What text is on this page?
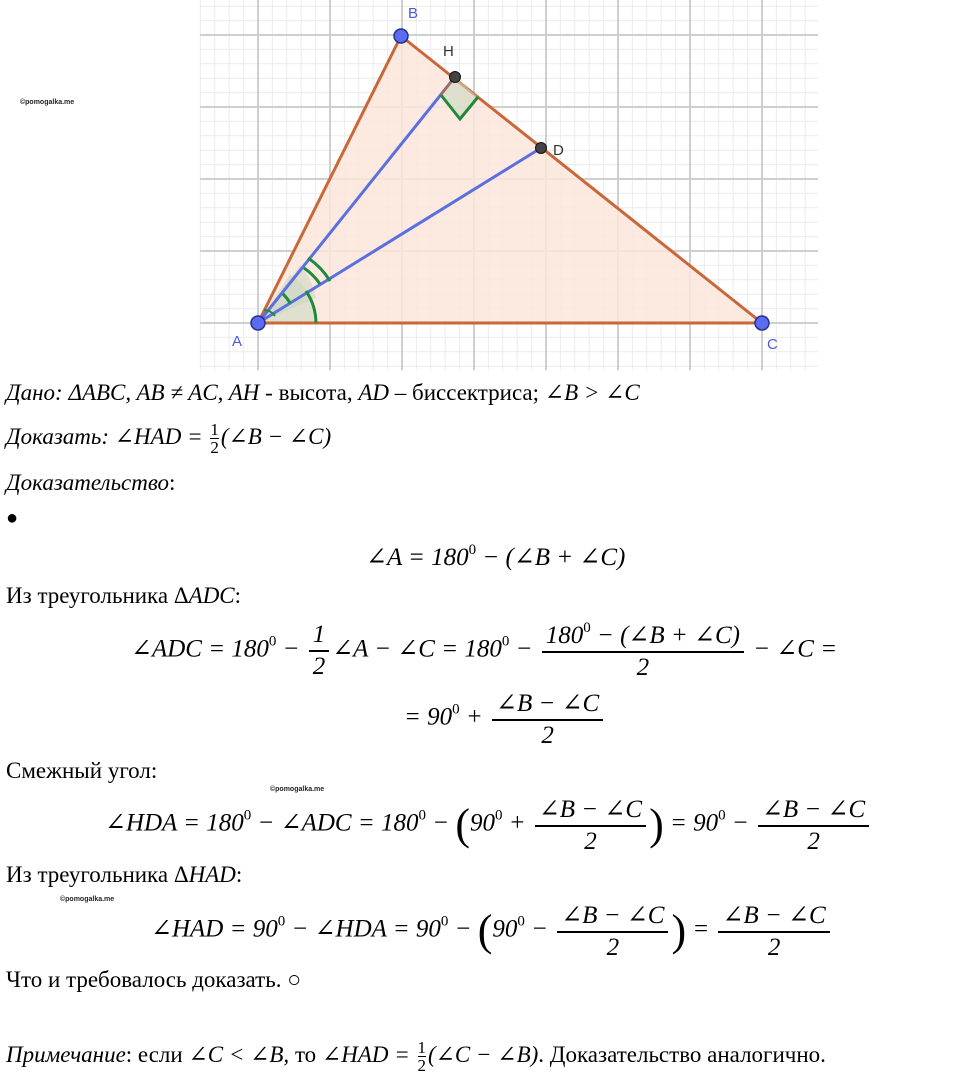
A
B
C
H
D
©pomogalka.me
©pomogalka.me
©pomogalka.me
Дано: ΔABC, AB ≠ AC, AH - высота, AD – биссектриса; ∠B > ∠C
Доказать: ∠HAD = $\frac{1}{2}$ (∠B − ∠C)
Доказательство:
●
∠A = $180^0$ − (∠B + ∠C)
Из треугольника ΔADC:
∠ADC = $180^0 - \frac{1}{2}$ ∠A − ∠C = $180^0 - \frac{180^0 - (\angle B + \angle C)}{2}$ − ∠C =
= $90^0 + \frac{\angle B - \angle C}{2}$
Смежный угол:
∠HDA = $180^0$ − ∠ADC = $180^0 - (90^0 + \frac{\angle B - \angle C}{2}$ ) = $90^0 - \frac{\angle B - \angle C}{2}$
Из треугольника ΔHAD:
∠HAD = $90^0$ − ∠HDA = $90^0 - (90^0 - \frac{\angle B - \angle C}{2}$ ) = $\frac{\angle B - \angle C}{2}$
Что и требовалось доказать. ○
Примечание: если ∠C < ∠B, то ∠HAD = $\frac{1}{2}$ (∠C − ∠B). Доказательство аналогично.
